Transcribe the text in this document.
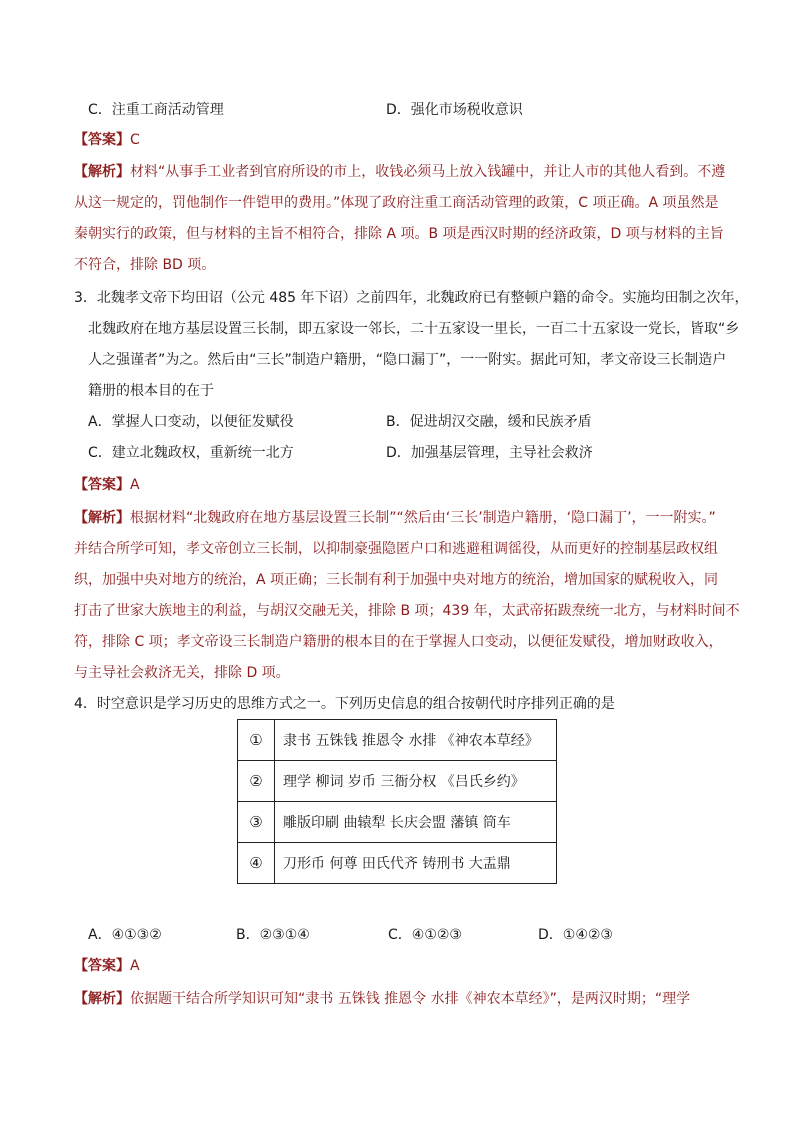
C．注重工商活动管理	D．强化市场税收意识
【答案】C
【解析】材料“从事手工业者到官府所设的市上，收钱必须马上放入钱罐中，并让人市的其他人看到。不遵
从这一规定的，罚他制作一件铠甲的费用。”体现了政府注重工商活动管理的政策，C 项正确。A 项虽然是
秦朝实行的政策，但与材料的主旨不相符合，排除 A 项。B 项是西汉时期的经济政策，D 项与材料的主旨
不符合，排除 BD 项。
3．北魏孝文帝下均田诏（公元 485 年下诏）之前四年，北魏政府已有整顿户籍的命令。实施均田制之次年，
北魏政府在地方基层设置三长制，即五家设一邻长，二十五家设一里长，一百二十五家设一党长，皆取“乡
人之强谨者”为之。然后由“三长”制造户籍册，“隐口漏丁”，一一附实。据此可知，孝文帝设三长制造户
籍册的根本目的在于
A．掌握人口变动，以便征发赋役	B．促进胡汉交融，缓和民族矛盾
C．建立北魏政权，重新统一北方	D．加强基层管理，主导社会救济
【答案】A
【解析】根据材料“北魏政府在地方基层设置三长制”“然后由‘三长’制造户籍册，‘隐口漏丁’，一一附实。”
并结合所学可知，孝文帝创立三长制，以抑制豪强隐匿户口和逃避租调徭役，从而更好的控制基层政权组
织，加强中央对地方的统治，A 项正确；三长制有利于加强中央对地方的统治，增加国家的赋税收入，同
打击了世家大族地主的利益，与胡汉交融无关，排除 B 项；439 年，太武帝拓跋焘统一北方，与材料时间不
符，排除 C 项；孝文帝设三长制造户籍册的根本目的在于掌握人口变动，以便征发赋役，增加财政收入，
与主导社会救济无关，排除 D 项。
4．时空意识是学习历史的思维方式之一。下列历史信息的组合按朝代时序排列正确的是
①	隶书 五铢钱 推恩令 水排 《神农本草经》
②	理学 柳词 岁币 三衙分权 《吕氏乡约》
③	雕版印刷 曲辕犁 长庆会盟 藩镇 筒车
④	刀形币 何尊 田氏代齐 铸刑书 大盂鼎
A．④①③②	B．②③①④	C．④①②③	D．①④②③
【答案】A
【解析】依据题干结合所学知识可知“隶书 五铢钱 推恩令 水排《神农本草经》”，是两汉时期；“理学
